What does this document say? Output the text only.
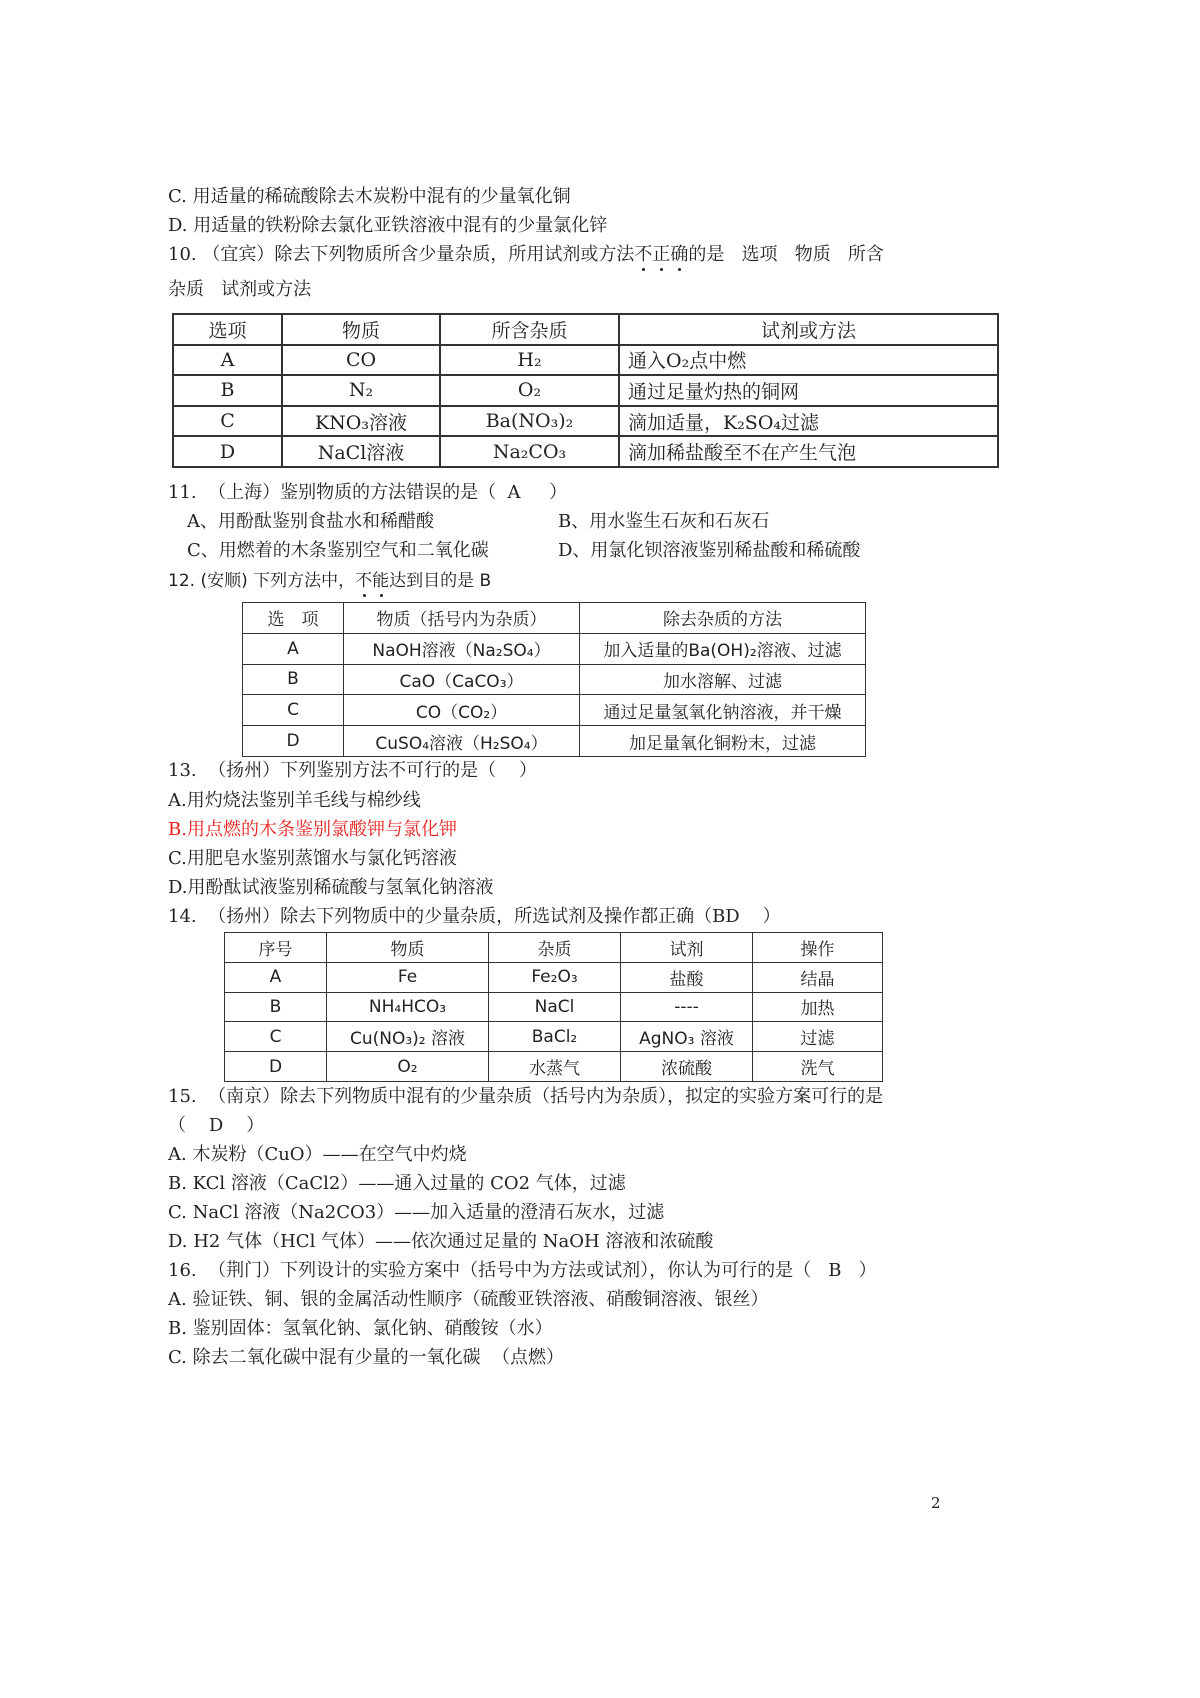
C. 用适量的稀硫酸除去木炭粉中混有的少量氧化铜
D. 用适量的铁粉除去氯化亚铁溶液中混有的少量氯化锌
10. （宜宾）除去下列物质所含少量杂质，所用试剂或方法不正确的是   选项   物质   所含
杂质   试剂或方法
选项	物质	所含杂质	试剂或方法
A	CO	H₂	通入O₂点中燃
B	N₂	O₂	通过足量灼热的铜网
C	KNO₃溶液	Ba(NO₃)₂	滴加适量，K₂SO₄过滤
D	NaCl溶液	Na₂CO₃	滴加稀盐酸至不在产生气泡
11.  （上海）鉴别物质的方法错误的是（  A     ）
A、用酚酞鉴别食盐水和稀醋酸	B、用水鉴生石灰和石灰石
C、用燃着的木条鉴别空气和二氧化碳	D、用氯化钡溶液鉴别稀盐酸和稀硫酸
12. (安顺) 下列方法中，不能达到目的是 B
选　项	物质（括号内为杂质）	除去杂质的方法
A	NaOH溶液（Na₂SO₄）	加入适量的Ba(OH)₂溶液、过滤
B	CaO（CaCO₃）	加水溶解、过滤
C	CO（CO₂）	通过足量氢氧化钠溶液，并干燥
D	CuSO₄溶液（H₂SO₄）	加足量氧化铜粉末，过滤
13.  （扬州）下列鉴别方法不可行的是（    ）
A.用灼烧法鉴别羊毛线与棉纱线
B.用点燃的木条鉴别氯酸钾与氯化钾
C.用肥皂水鉴别蒸馏水与氯化钙溶液
D.用酚酞试液鉴别稀硫酸与氢氧化钠溶液
14.  （扬州）除去下列物质中的少量杂质，所选试剂及操作都正确（BD    ）
序号	物质	杂质	试剂	操作
A	Fe	Fe₂O₃	盐酸	结晶
B	NH₄HCO₃	NaCl	----	加热
C	Cu(NO₃)₂ 溶液	BaCl₂	AgNO₃ 溶液	过滤
D	O₂	水蒸气	浓硫酸	洗气
15.  （南京）除去下列物质中混有的少量杂质（括号内为杂质），拟定的实验方案可行的是
（    D    ）
A. 木炭粉（CuO）——在空气中灼烧
B. KCl 溶液（CaCl2）——通入过量的 CO2 气体，过滤
C. NaCl 溶液（Na2CO3）——加入适量的澄清石灰水，过滤
D. H2 气体（HCl 气体）——依次通过足量的 NaOH 溶液和浓硫酸
16.  （荆门）下列设计的实验方案中（括号中为方法或试剂），你认为可行的是（   B   ）
A. 验证铁、铜、银的金属活动性顺序（硫酸亚铁溶液、硝酸铜溶液、银丝）
B. 鉴别固体：氢氧化钠、氯化钠、硝酸铵（水）
C. 除去二氧化碳中混有少量的一氧化碳  （点燃）
2
